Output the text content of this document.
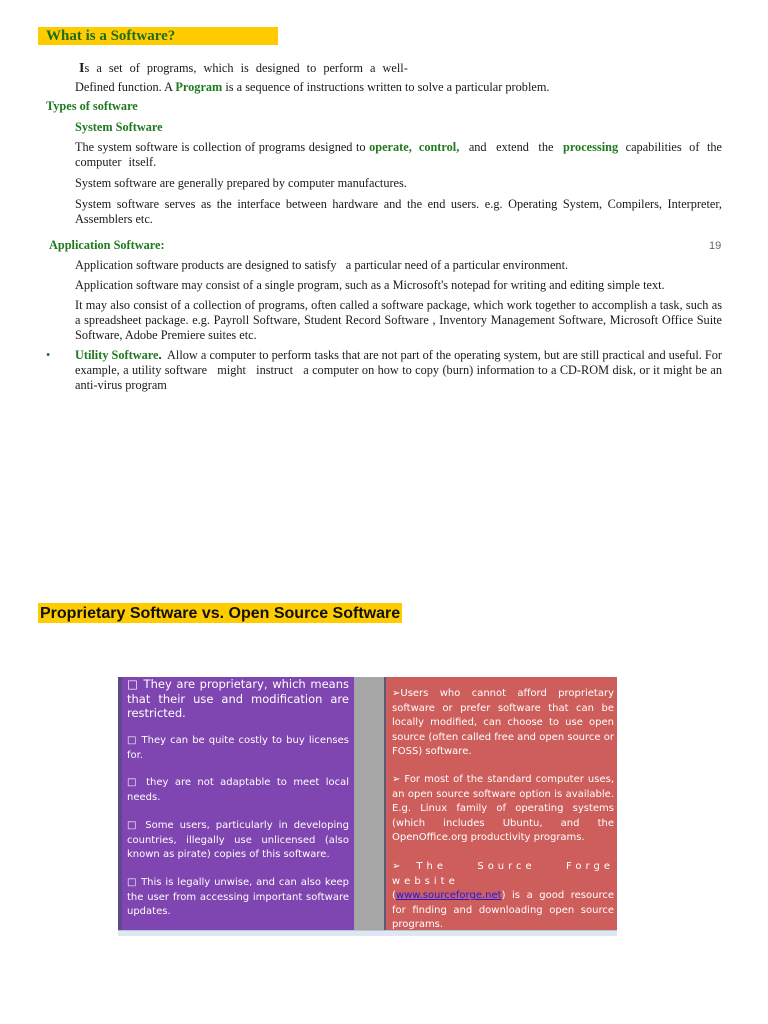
What is a Software?
Is a set of programs, which is designed to perform a well-
Defined function. A Program is a sequence of instructions written to solve a particular problem.
Types of software
System Software
The system software is collection of programs designed to operate, control, and extend the processing capabilities of the computer itself.
System software are generally prepared by computer manufactures.
System software serves as the interface between hardware and the end users. e.g. Operating System, Compilers, Interpreter, Assemblers etc.
Application Software:	19
Application software products are designed to satisfy   a particular need of a particular environment.
Application software may consist of a single program, such as a Microsoft's notepad for writing and editing simple text.
It may also consist of a collection of programs, often called a software package, which work together to accomplish a task, such as a spreadsheet package. e.g. Payroll Software, Student Record Software , Inventory Management Software, Microsoft Office Suite Software, Adobe Premiere suites etc.
• Utility Software.  Allow a computer to perform tasks that are not part of the operating system, but are still practical and useful. For example, a utility software   might   instruct   a computer on how to copy (burn) information to a CD-ROM disk, or it might be an anti-virus program
Proprietary Software vs. Open Source Software
□ They are proprietary, which means that their use and modification are restricted.
□ They can be quite costly to buy licenses for.
□ they are not adaptable to meet local needs.
□ Some users, particularly in developing countries, illegally use unlicensed (also known as pirate) copies of this software.
□ This is legally unwise, and can also keep the user from accessing important software updates.
➢Users who cannot afford proprietary software or prefer software that can be locally modified, can choose to use open source (often called free and open source or FOSS) software.
➢ For most of the standard computer uses, an open source software option is available. E.g. Linux family of operating systems (which includes Ubuntu, and the OpenOffice.org productivity programs.
➢ The Source Forge website
(www.sourceforge.net) is a good resource for finding and downloading open source programs.
